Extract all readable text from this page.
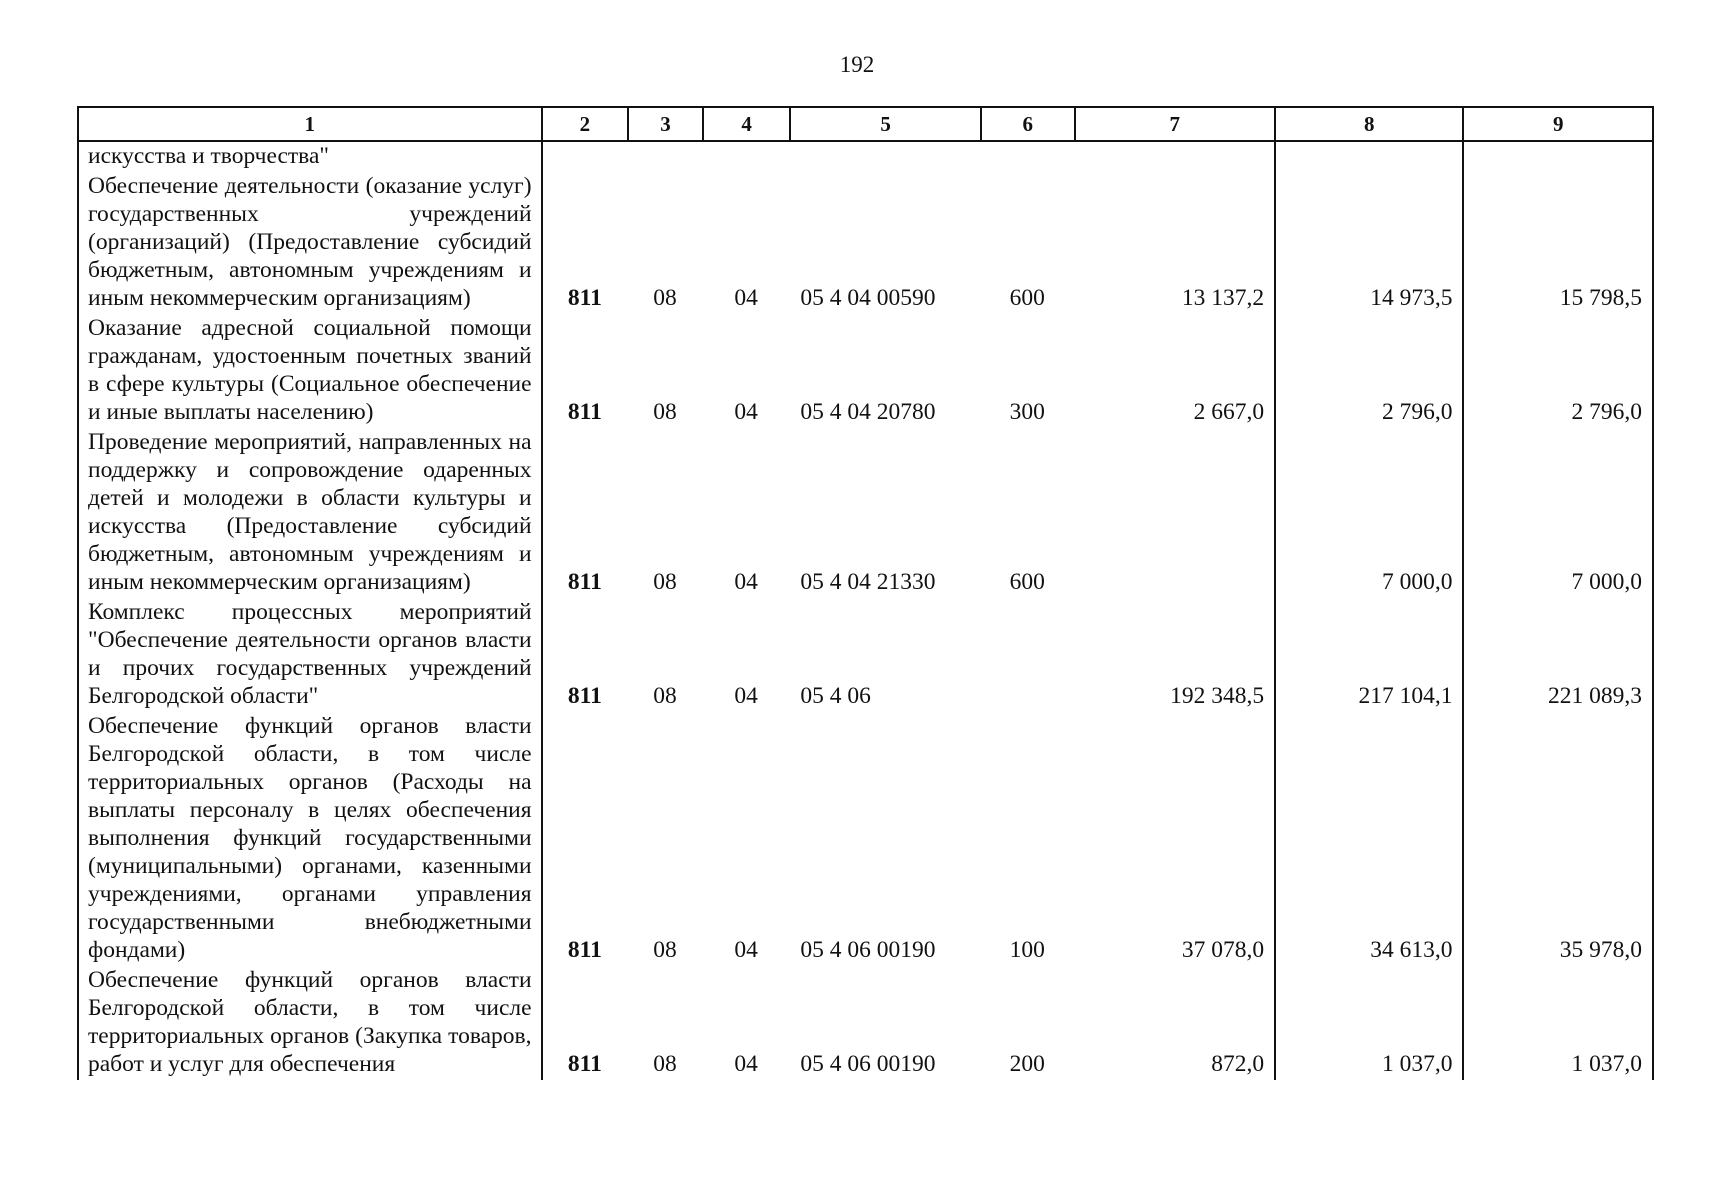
192
1	2	3	4	5	6	7	8	9
искусства и творчества"								
Обеспечение деятельности (оказание услуг) государственных учреждений (организаций) (Предоставление субсидий бюджетным, автономным учреждениям и иным некоммерческим организациям)	811	08	04	05 4 04 00590	600	13 137,2	14 973,5	15 798,5
Оказание адресной социальной помощи гражданам, удостоенным почетных званий в сфере культуры (Социальное обеспечение и иные выплаты населению)	811	08	04	05 4 04 20780	300	2 667,0	2 796,0	2 796,0
Проведение мероприятий, направленных на поддержку и сопровождение одаренных детей и молодежи в области культуры и искусства (Предоставление субсидий бюджетным, автономным учреждениям и иным некоммерческим организациям)	811	08	04	05 4 04 21330	600		7 000,0	7 000,0
Комплекс процессных мероприятий "Обеспечение деятельности органов власти и прочих государственных учреждений Белгородской области"	811	08	04	05 4 06		192 348,5	217 104,1	221 089,3
Обеспечение функций органов власти Белгородской области, в том числе территориальных органов (Расходы на выплаты персоналу в целях обеспечения выполнения функций государственными (муниципальными) органами, казенными учреждениями, органами управления государственными внебюджетными фондами)	811	08	04	05 4 06 00190	100	37 078,0	34 613,0	35 978,0
Обеспечение функций органов власти Белгородской области, в том числе территориальных органов (Закупка товаров, работ и услуг для обеспечения	811	08	04	05 4 06 00190	200	872,0	1 037,0	1 037,0
